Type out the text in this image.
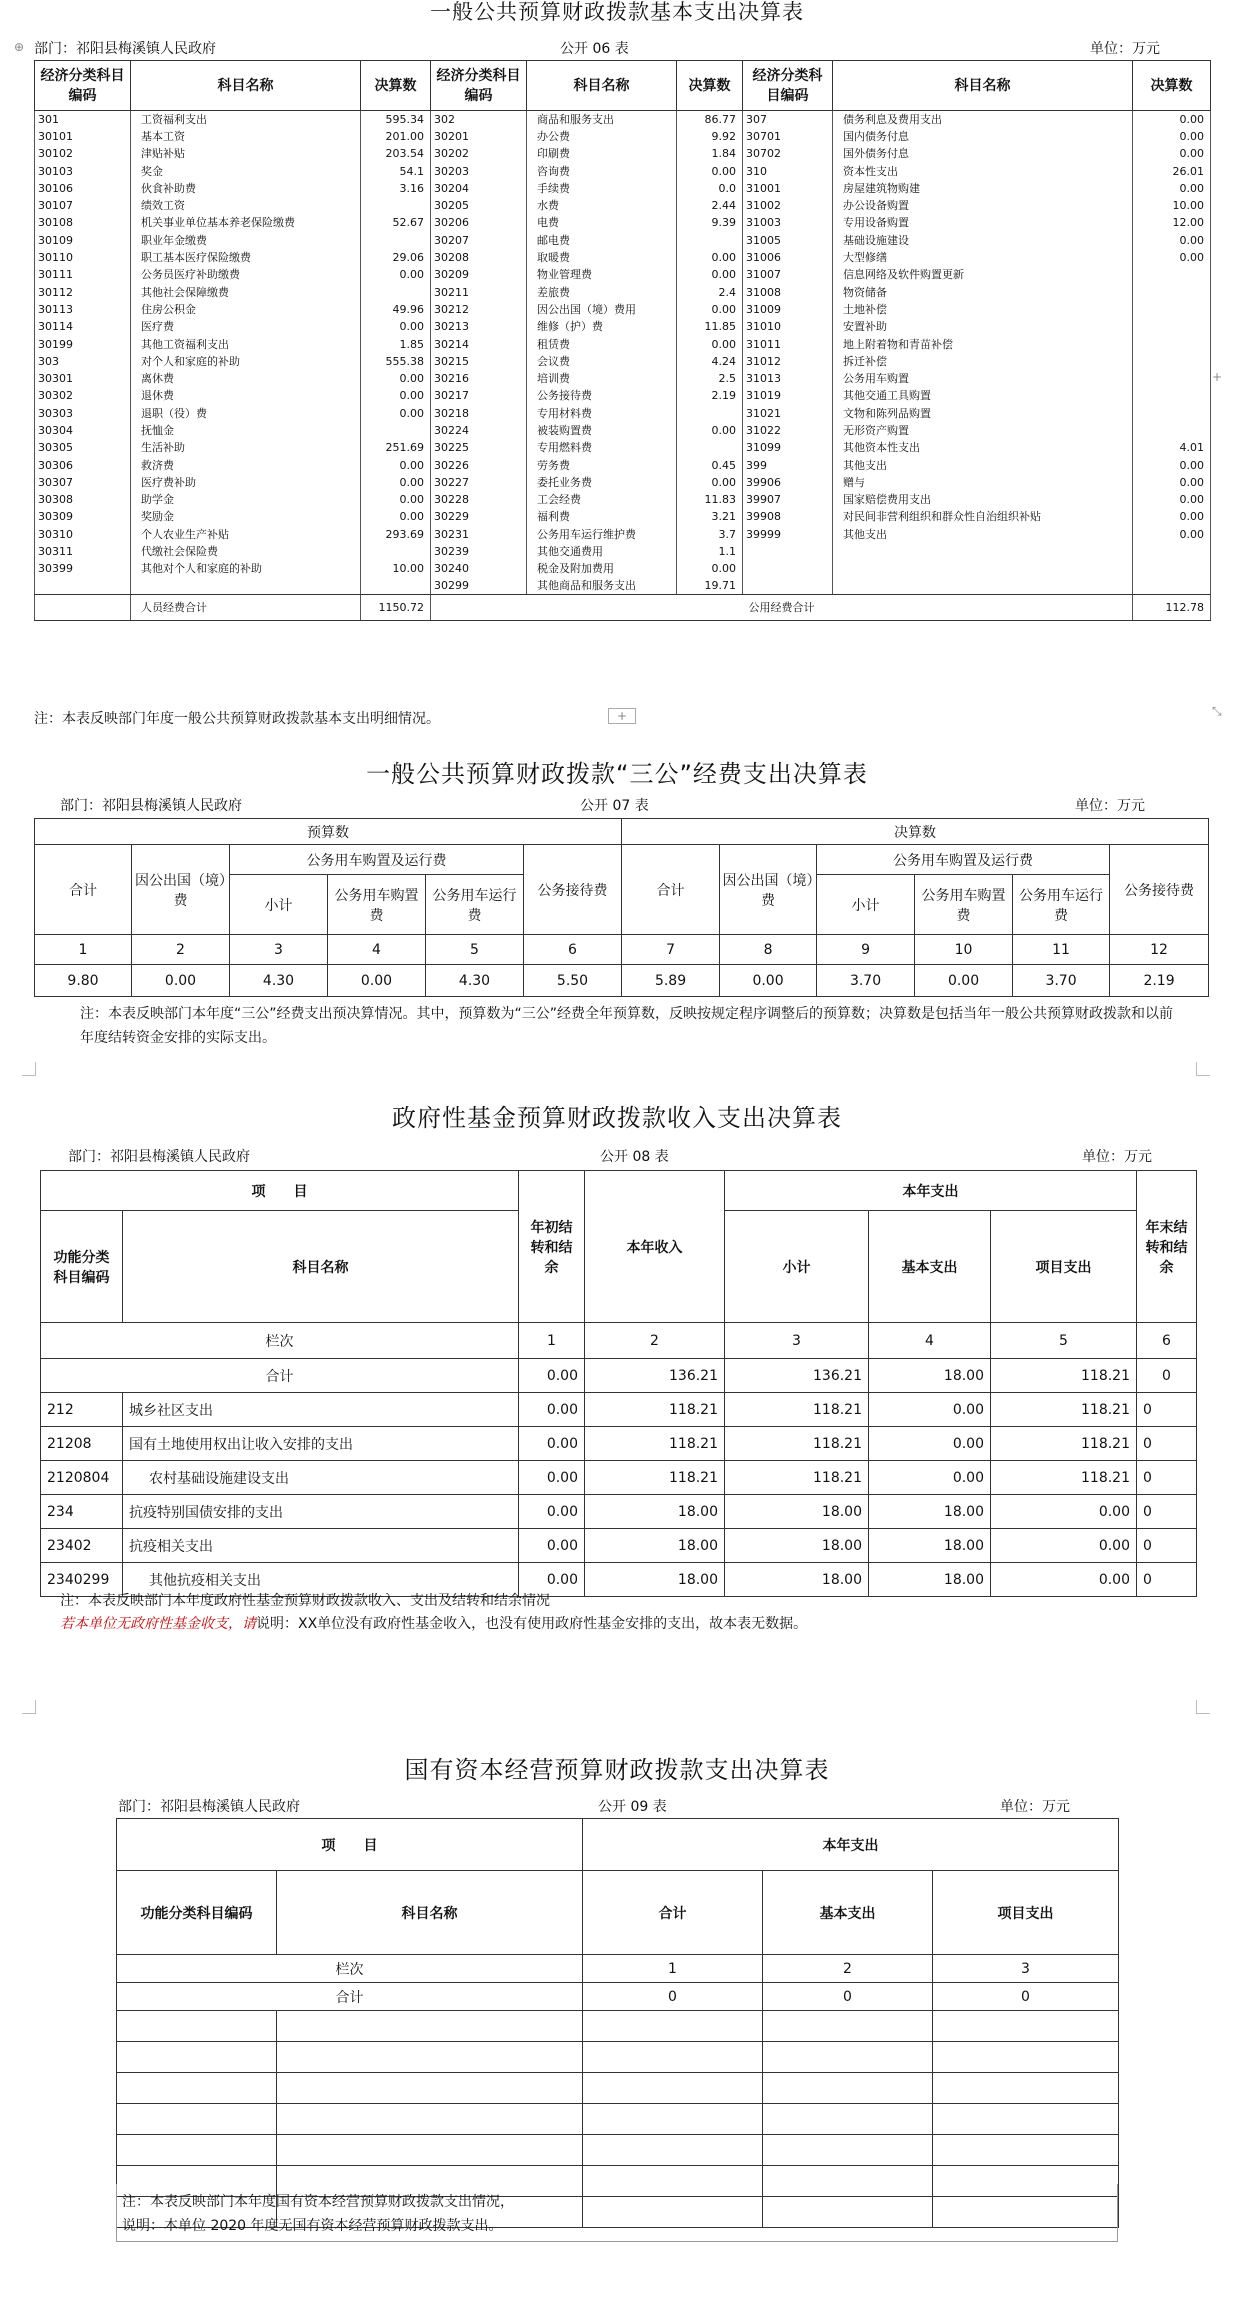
一般公共预算财政拨款基本支出决算表
⊕ 部门：祁阳县梅溪镇人民政府	公开 06 表	单位：万元
经济分类科目编码	科目名称	决算数	经济分类科目编码	科目名称	决算数	经济分类科目编码	科目名称	决算数
301	工资福利支出	595.34	302	商品和服务支出	86.77	307	债务利息及费用支出	0.00
30101	基本工资	201.00	30201	办公费	9.92	30701	国内债务付息	0.00
30102	津贴补贴	203.54	30202	印刷费	1.84	30702	国外债务付息	0.00
30103	奖金	54.1	30203	咨询费	0.00	310	资本性支出	26.01
30106	伙食补助费	3.16	30204	手续费	0.0	31001	房屋建筑物购建	0.00
30107	绩效工资		30205	水费	2.44	31002	办公设备购置	10.00
30108	机关事业单位基本养老保险缴费	52.67	30206	电费	9.39	31003	专用设备购置	12.00
30109	职业年金缴费		30207	邮电费		31005	基础设施建设	0.00
30110	职工基本医疗保险缴费	29.06	30208	取暖费	0.00	31006	大型修缮	0.00
30111	公务员医疗补助缴费	0.00	30209	物业管理费	0.00	31007	信息网络及软件购置更新	
30112	其他社会保障缴费		30211	差旅费	2.4	31008	物资储备	
30113	住房公积金	49.96	30212	因公出国（境）费用	0.00	31009	土地补偿	
30114	医疗费	0.00	30213	维修（护）费	11.85	31010	安置补助	
30199	其他工资福利支出	1.85	30214	租赁费	0.00	31011	地上附着物和青苗补偿	
303	对个人和家庭的补助	555.38	30215	会议费	4.24	31012	拆迁补偿	
30301	离休费	0.00	30216	培训费	2.5	31013	公务用车购置	
30302	退休费	0.00	30217	公务接待费	2.19	31019	其他交通工具购置	
30303	退职（役）费	0.00	30218	专用材料费		31021	文物和陈列品购置	
30304	抚恤金		30224	被装购置费	0.00	31022	无形资产购置	
30305	生活补助	251.69	30225	专用燃料费		31099	其他资本性支出	4.01
30306	救济费	0.00	30226	劳务费	0.45	399	其他支出	0.00
30307	医疗费补助	0.00	30227	委托业务费	0.00	39906	赠与	0.00
30308	助学金	0.00	30228	工会经费	11.83	39907	国家赔偿费用支出	0.00
30309	奖励金	0.00	30229	福利费	3.21	39908	对民间非营利组织和群众性自治组织补贴	0.00
30310	个人农业生产补贴	293.69	30231	公务用车运行维护费	3.7	39999	其他支出	0.00
30311	代缴社会保险费		30239	其他交通费用	1.1			
30399	其他对个人和家庭的补助	10.00	30240	税金及附加费用	0.00			
			30299	其他商品和服务支出	19.71			
	人员经费合计	1150.72	公用经费合计					112.78
注：本表反映部门年度一般公共预算财政拨款基本支出明细情况。	+	⤡
+
一般公共预算财政拨款“三公”经费支出决算表
部门：祁阳县梅溪镇人民政府	公开 07 表	单位：万元
预算数						决算数					
合计	因公出国（境）费	公务用车购置及运行费			公务接待费	合计	因公出国（境）费	公务用车购置及运行费			公务接待费
		小计	公务用车购置费	公务用车运行费				小计	公务用车购置费	公务用车运行费	
1	2	3	4	5	6	7	8	9	10	11	12
9.80	0.00	4.30	0.00	4.30	5.50	5.89	0.00	3.70	0.00	3.70	2.19
注：本表反映部门本年度“三公”经费支出预决算情况。其中，预算数为“三公”经费全年预算数，反映按规定程序调整后的预算数；决算数是包括当年一般公共预算财政拨款和以前年度结转资金安排的实际支出。
政府性基金预算财政拨款收入支出决算表
部门：祁阳县梅溪镇人民政府	公开 08 表	单位：万元
项　　目		年初结转和结余	本年收入	本年支出			年末结转和结余
功能分类科目编码	科目名称			小计	基本支出	项目支出	

栏次		1	2	3	4	5	6
合计		0.00	136.21	136.21	18.00	118.21	0
212	城乡社区支出	0.00	118.21	118.21	0.00	118.21	0
21208	国有土地使用权出让收入安排的支出	0.00	118.21	118.21	0.00	118.21	0
2120804	农村基础设施建设支出	0.00	118.21	118.21	0.00	118.21	0
234	抗疫特别国债安排的支出	0.00	18.00	18.00	18.00	0.00	0
23402	抗疫相关支出	0.00	18.00	18.00	18.00	0.00	0
2340299	其他抗疫相关支出	0.00	18.00	18.00	18.00	0.00	0
注：本表反映部门本年度政府性基金预算财政拨款收入、支出及结转和结余情况
若本单位无政府性基金收支，请说明：XX单位没有政府性基金收入，也没有使用政府性基金安排的支出，故本表无数据。
国有资本经营预算财政拨款支出决算表
部门：祁阳县梅溪镇人民政府	公开 09 表	单位：万元
项　　目		本年支出		
功能分类科目编码	科目名称	合计	基本支出	项目支出
栏次		1	2	3
合计		0	0	0

注：本表反映部门本年度国有资本经营预算财政拨款支出情况，
说明：本单位 2020 年度无国有资本经营预算财政拨款支出。
